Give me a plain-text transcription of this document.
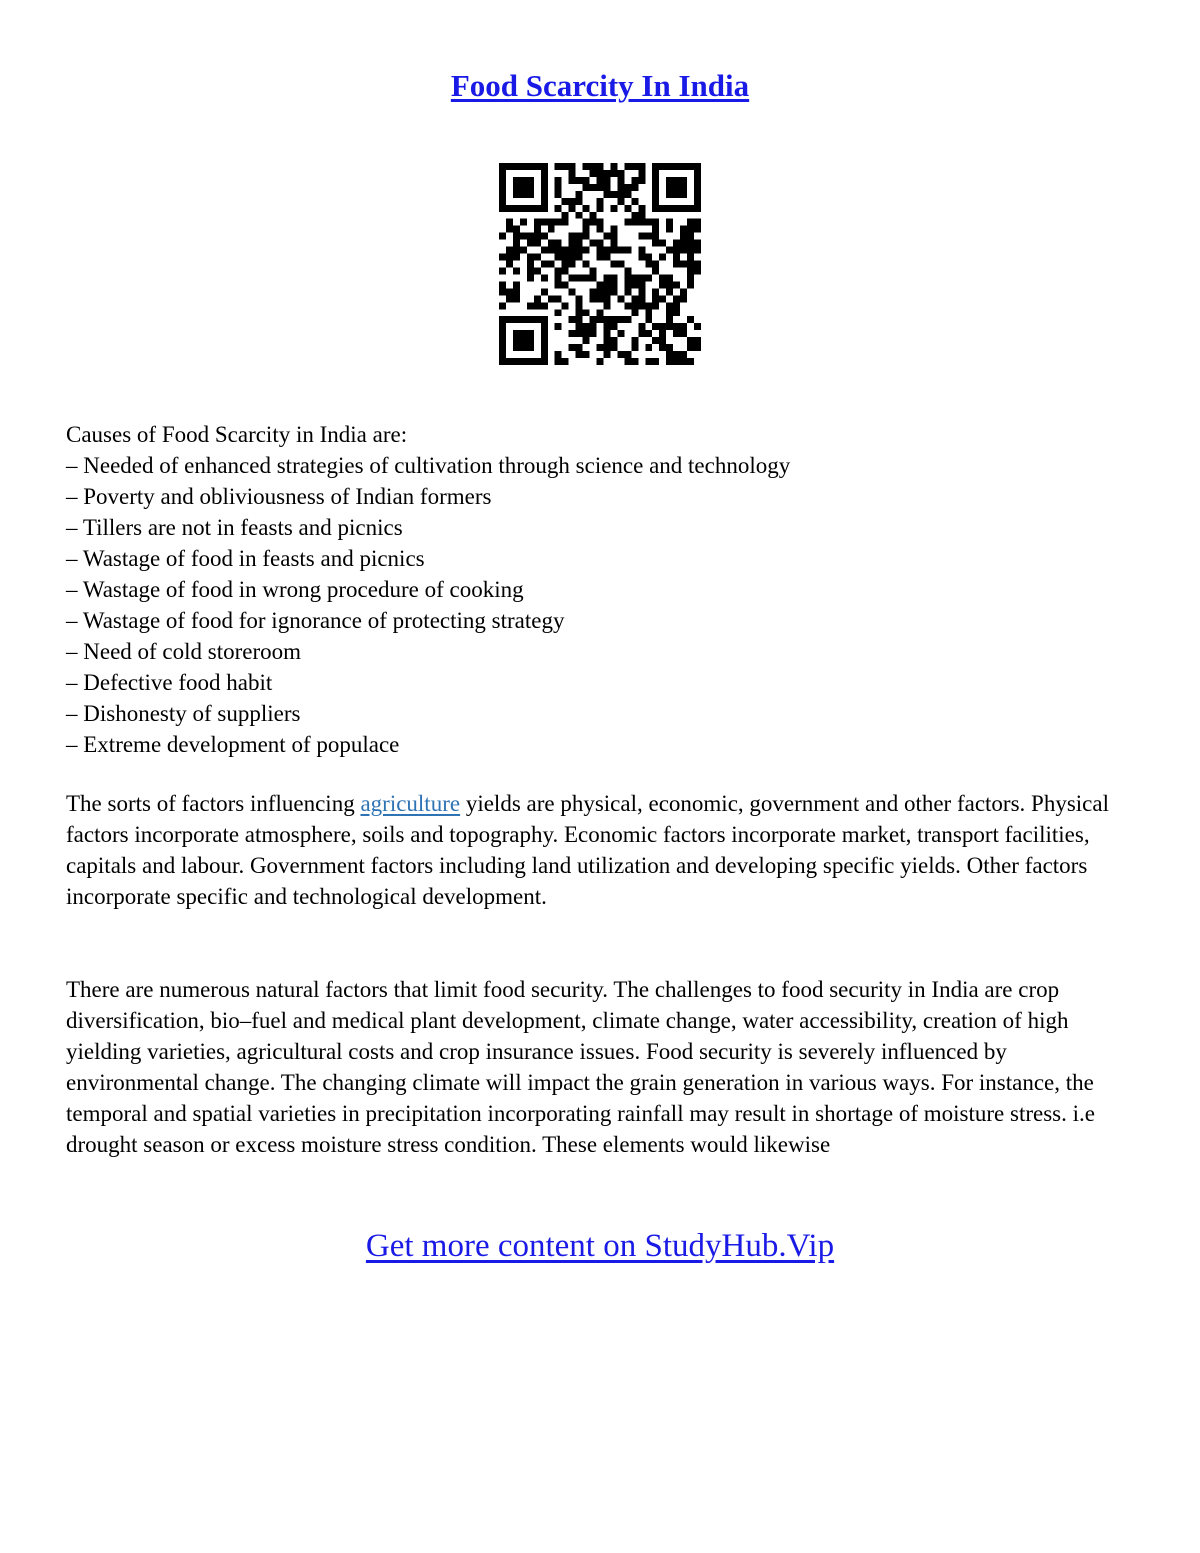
Food Scarcity In India
Causes of Food Scarcity in India are:
– Needed of enhanced strategies of cultivation through science and technology
– Poverty and obliviousness of Indian formers
– Tillers are not in feasts and picnics
– Wastage of food in feasts and picnics
– Wastage of food in wrong procedure of cooking
– Wastage of food for ignorance of protecting strategy
– Need of cold storeroom
– Defective food habit
– Dishonesty of suppliers
– Extreme development of populace

The sorts of factors influencing agriculture yields are physical, economic, government and other factors. Physical factors incorporate atmosphere, soils and topography. Economic factors incorporate market, transport facilities, capitals and labour. Government factors including land utilization and developing specific yields. Other factors incorporate specific and technological development.

There are numerous natural factors that limit food security. The challenges to food security in India are crop diversification, bio–fuel and medical plant development, climate change, water accessibility, creation of high yielding varieties, agricultural costs and crop insurance issues. Food security is severely influenced by environmental change. The changing climate will impact the grain generation in various ways. For instance, the temporal and spatial varieties in precipitation incorporating rainfall may result in shortage of moisture stress. i.e drought season or excess moisture stress condition. These elements would likewise

Get more content on StudyHub.Vip
